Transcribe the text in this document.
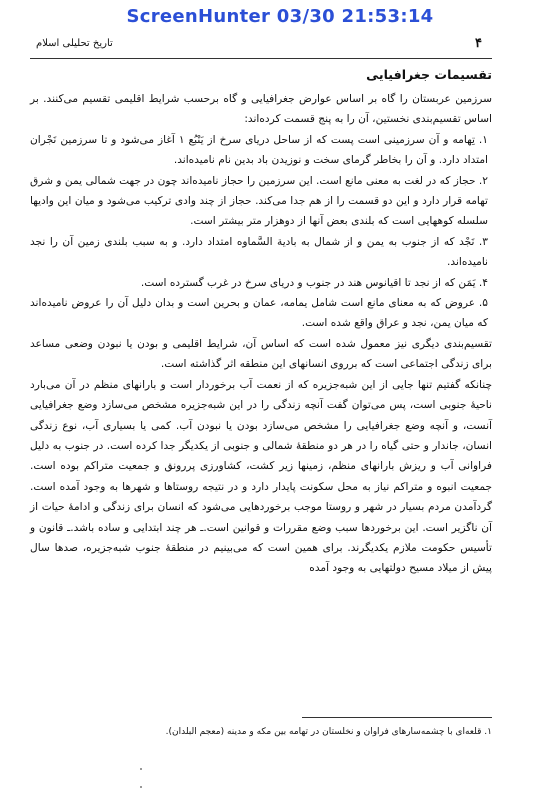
ScreenHunter 03/30 21:53:14
۴
تاریخ تحلیلی اسلام
تقسیمات جغرافیایی

سرزمین عربستان را گاه بر اساس عوارض جغرافیایی و گاه برحسب شرایط اقلیمی تقسیم می‌کنند. بر اساس تقسیم‌بندی نخستین، آن را به پنج قسمت کرده‌اند:

۱. تِهامه و آن سرزمینی است پست که از ساحل دریای سرخ از یَنْبُع ۱ آغاز می‌شود و تا سرزمین نَجْران امتداد دارد. و آن را بخاطر گرمای سخت و نوزیدن باد بدین نام نامیده‌اند.

۲. حجاز که در لغت به معنی مانع است. این سرزمین را حجاز نامیده‌اند چون در جهت شمالی یمن و شرق تهامه قرار دارد و این دو قسمت را از هم جدا می‌کند. حجاز از چند وادی ترکیب می‌شود و میان این وادیها سلسله کوههایی است که بلندی بعض آنها از دوهزار متر بیشتر است.

۳. نَجْد که از جنوب به یمن و از شمال به بادیة السَّماوه امتداد دارد. و به سبب بلندی زمین آن را نجد نامیده‌اند.

۴. یَمَن که از نجد تا اقیانوس هند در جنوب و دریای سرخ در غرب گسترده است.

۵. عروض که به معنای مانع است شامل یمامه، عمان و بحرین است و بدان دلیل آن را عروض نامیده‌اند که میان یمن، نجد و عراق واقع شده است.

تقسیم‌بندی دیگری نیز معمول شده است که اساس آن، شرایط اقلیمی و بودن یا نبودن وضعی مساعد برای زندگی اجتماعی است که برروی انسانهای این منطقه اثر گذاشته است.

چنانکه گفتیم تنها جایی از این شبه‌جزیره که از نعمت آب برخوردار است و بارانهای منظم در آن می‌بارد ناحیهٔ جنوبی است، پس می‌توان گفت آنچه زندگی را در این شبه‌جزیره مشخص می‌سازد وضع جغرافیایی آنست، و آنچه وضع جغرافیایی را مشخص می‌سازد بودن یا نبودن آب. کمی یا بسیاری آب، نوع زندگی انسان، جاندار و حتی گیاه را در هر دو منطقهٔ شمالی و جنوبی از یکدیگر جدا کرده است. در جنوب به دلیل فراوانی آب و ریزش بارانهای منظم، زمینها زیر کشت، کشاورزی پررونق و جمعیت متراکم بوده است. جمعیت انبوه و متراکم نیاز به محل سکونت پایدار دارد و در نتیجه روستاها و شهرها به وجود آمده است. گردآمدن مردم بسیار در شهر و روستا موجب برخوردهایی می‌شود که انسان برای زندگی و ادامهٔ حیات از آن ناگزیر است. این برخوردها سبب وضع مقررات و قوانین است.ـ هر چند ابتدایی و ساده باشد.ـ قانون و تأسیس حکومت ملازم یکدیگرند. برای همین است که می‌بینیم در منطقهٔ جنوب شبه‌جزیره، صدها سال پیش از میلاد مسیح دولتهایی به وجود آمده

۱. قلعه‌ای با چشمه‌سارهای فراوان و نخلستان در تهامه بین مکه و مدینه (معجم البلدان).
